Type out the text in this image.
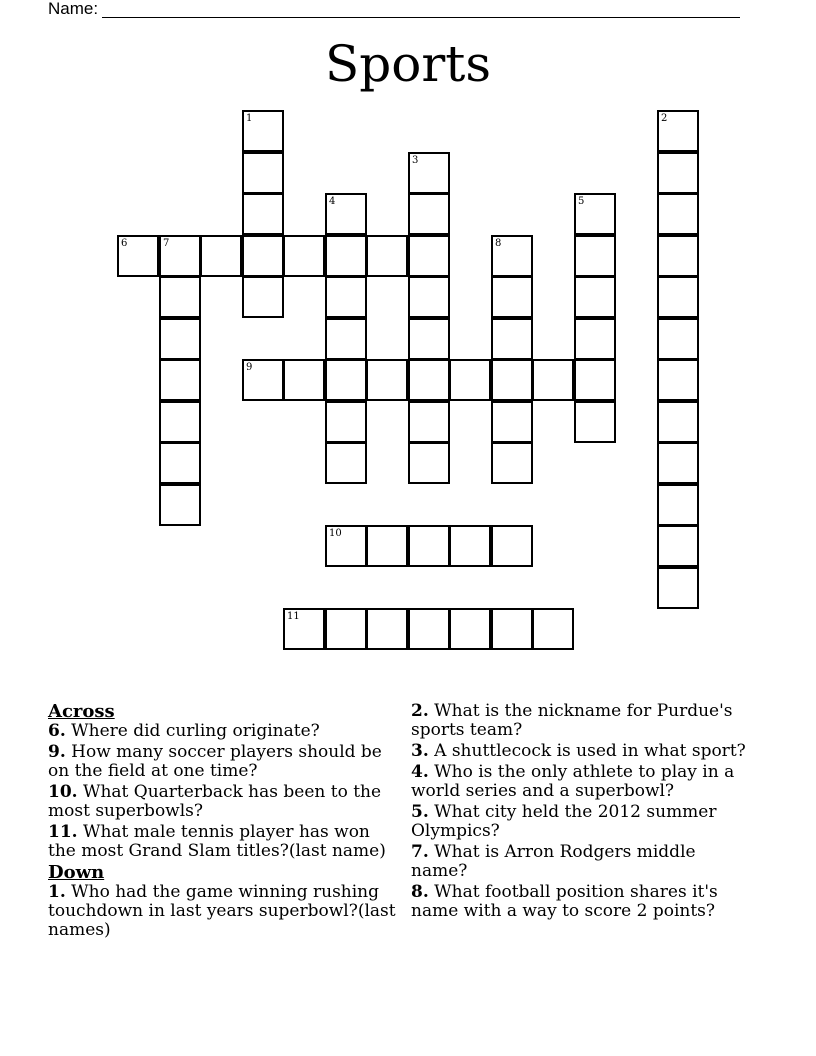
Name:
Sports
1	2
3
4	5
6	7	8
9
10
11
Across
6. Where did curling originate?
9. How many soccer players should be on the field at one time?
10. What Quarterback has been to the most superbowls?
11. What male tennis player has won the most Grand Slam titles?(last name)
Down
1. Who had the game winning rushing touchdown in last years superbowl?(last names)
2. What is the nickname for Purdue's sports team?
3. A shuttlecock is used in what sport?
4. Who is the only athlete to play in a world series and a superbowl?
5. What city held the 2012 summer Olympics?
7. What is Arron Rodgers middle name?
8. What football position shares it's name with a way to score 2 points?
